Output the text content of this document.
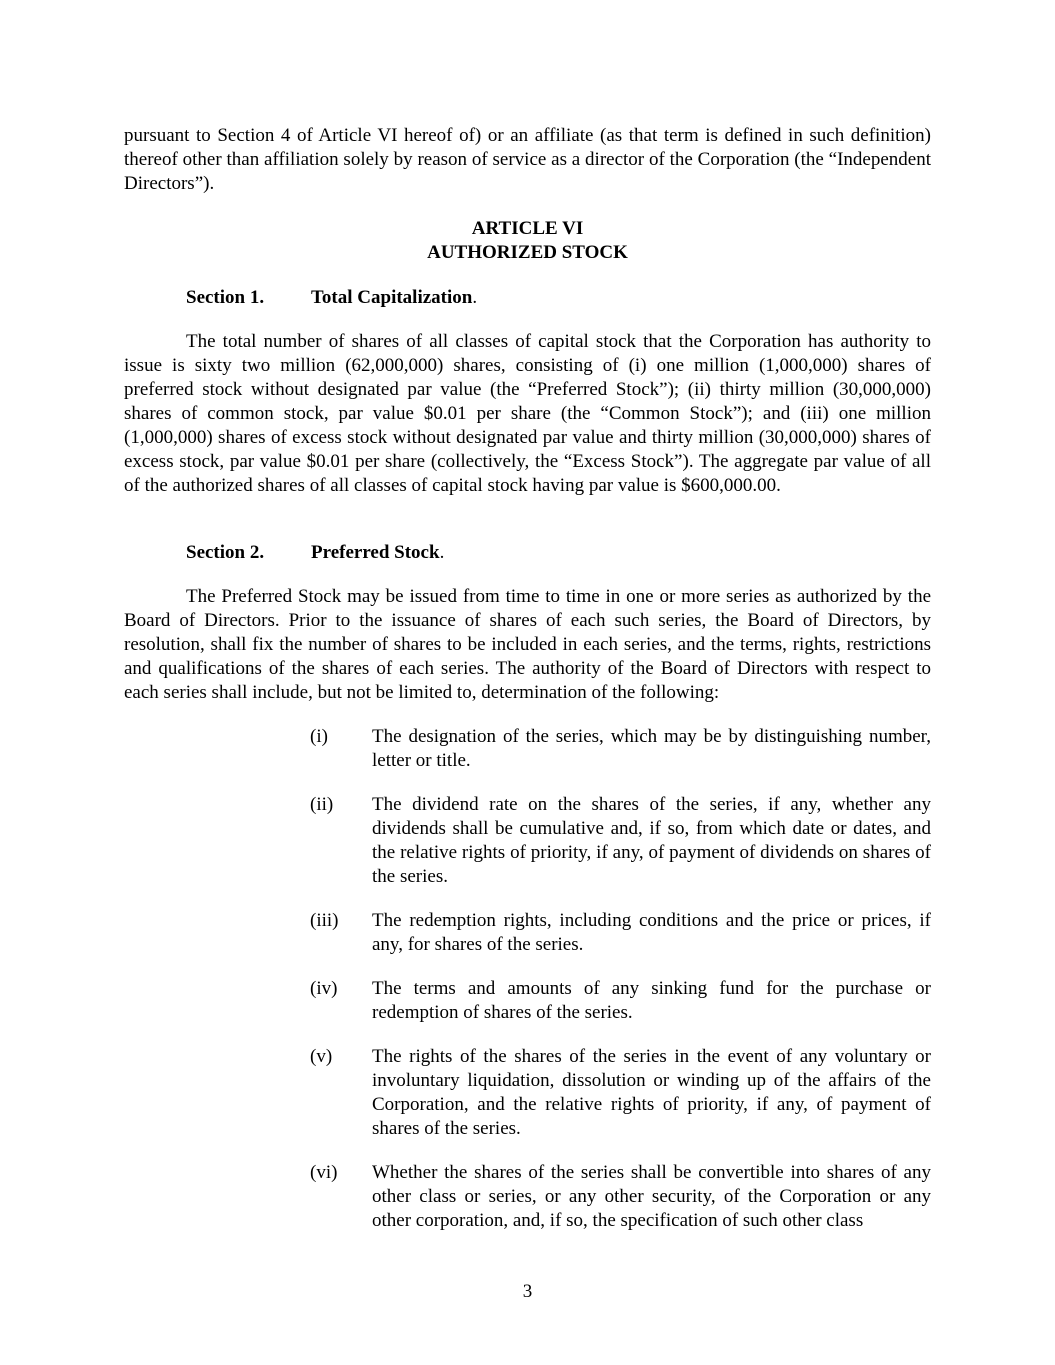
pursuant to Section 4 of Article VI hereof of) or an affiliate (as that term is defined in such definition) thereof other than affiliation solely by reason of service as a director of the Corporation (the “Independent Directors”).

ARTICLE VI
AUTHORIZED STOCK
Section 1. Total Capitalization.

The total number of shares of all classes of capital stock that the Corporation has authority to issue is sixty two million (62,000,000) shares, consisting of (i) one million (1,000,000) shares of preferred stock without designated par value (the “Preferred Stock”); (ii) thirty million (30,000,000) shares of common stock, par value $0.01 per share (the “Common Stock”); and (iii) one million (1,000,000) shares of excess stock without designated par value and thirty million (30,000,000) shares of excess stock, par value $0.01 per share (collectively, the “Excess Stock”). The aggregate par value of all of the authorized shares of all classes of capital stock having par value is $600,000.00.

Section 2. Preferred Stock.

The Preferred Stock may be issued from time to time in one or more series as authorized by the Board of Directors. Prior to the issuance of shares of each such series, the Board of Directors, by resolution, shall fix the number of shares to be included in each series, and the terms, rights, restrictions and qualifications of the shares of each series. The authority of the Board of Directors with respect to each series shall include, but not be limited to, determination of the following:

(i)	The designation of the series, which may be by distinguishing number, letter or title.
(ii)	The dividend rate on the shares of the series, if any, whether any dividends shall be cumulative and, if so, from which date or dates, and the relative rights of priority, if any, of payment of dividends on shares of the series.
(iii)	The redemption rights, including conditions and the price or prices, if any, for shares of the series.
(iv)	The terms and amounts of any sinking fund for the purchase or redemption of shares of the series.
(v)	The rights of the shares of the series in the event of any voluntary or involuntary liquidation, dissolution or winding up of the affairs of the Corporation, and the relative rights of priority, if any, of payment of shares of the series.
(vi)	Whether the shares of the series shall be convertible into shares of any other class or series, or any other security, of the Corporation or any other corporation, and, if so, the specification of such other class
3
